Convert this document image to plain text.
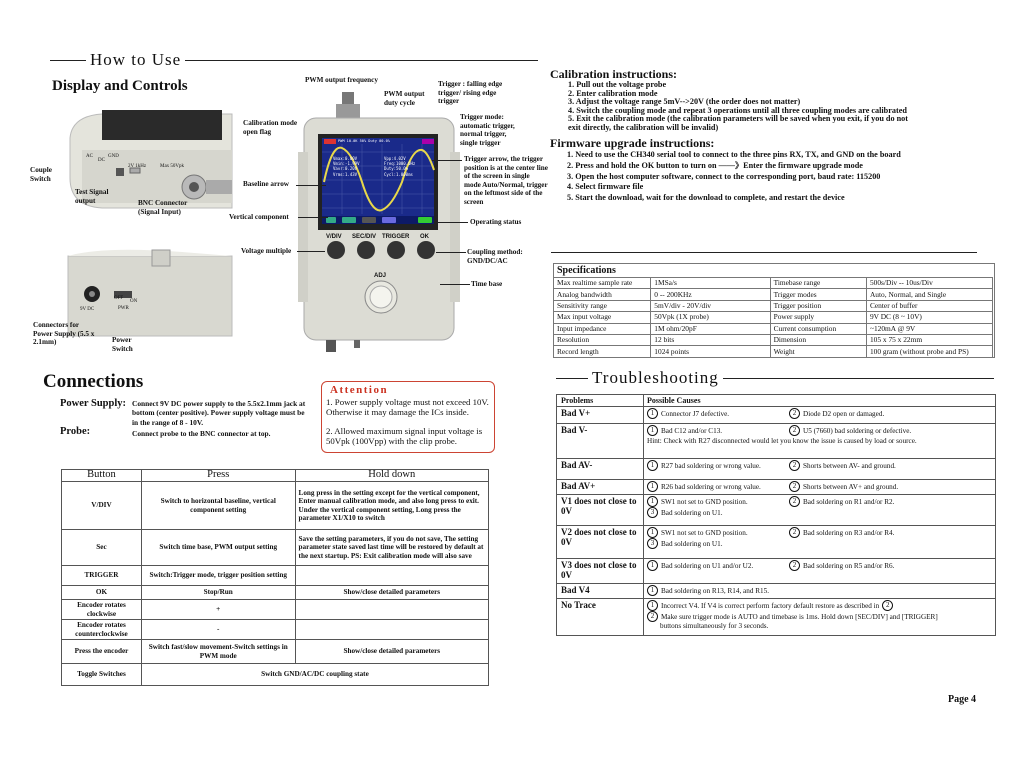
How to Use
Display and Controls
AC
DC
GND
2V 1kHz	Max 50Vpk
Couple Switch
Test Signal output	BNC Connector (Signal Input)
9V DC
OFF
ON
PWR
Connectors for Power Supply (5.5 x 2.1mm)	Power Switch
PWM 10.0K 50% Duty 00.0%
Vmax:0.00V
Vmin:-1.99V
Vavr:0.20V
Vrms:1.43V
Vpp:4.02V
Freq:1000.0Hz
Duty:50.0%
Cycl:1.000ms
V/DIV SEC/DIV TRIGGER OK
ADJ
PWM output frequency
PWM output duty cycle
Trigger : falling edge trigger/ rising edge trigger
Trigger mode: automatic trigger, normal trigger, single trigger
Calibration mode open flag
Trigger arrow, the trigger position is at the center line of the screen in single mode Auto/Normal, trigger on the leftmost side of the screen
Baseline arrow
Vertical component
Operating status
Voltage multiple	Coupling method: GND/DC/AC
Time base
Calibration instructions:
1. Pull out the voltage probe
2. Enter calibration mode
3. Adjust the voltage range 5mV-->20V (the order does not matter)
4. Switch the coupling mode and repeat 3 operations until all three coupling modes are calibrated
5. Exit the calibration mode (the calibration parameters will be saved when you exit, if you do not
exit directly, the calibration will be invalid)
Firmware upgrade instructions:
1. Need to use the CH340 serial tool to connect to the three pins RX, TX, and GND on the board
2. Press and hold the OK button to turn on ——》Enter the firmware upgrade mode
3. Open the host computer software, connect to the corresponding port, baud rate: 115200
4. Select firmware file
5. Start the download, wait for the download to complete, and restart the device
Specifications
Max realtime sample rate	1MSa/s	Timebase range	500s/Div -- 10us/Div
Analog bandwidth	0 -- 200KHz	Trigger modes	Auto, Normal, and Single
Sensitivity range	5mV/div - 20V/div	Trigger position	Center of buffer
Max input voltage	50Vpk (1X probe)	Power supply	9V DC (8 ~ 10V)
Input impedance	1M ohm/20pF	Current consumption	~120mA @ 9V
Resolution	12 bits	Dimension	105 x 75 x 22mm
Record length	1024 points	Weight	100 gram (without probe and PS)
Connections
Power Supply: Connect 9V DC power supply to the 5.5x2.1mm jack at bottom (center positive). Power supply voltage must be in the range of 8 - 10V.
Probe:	Connect probe to the BNC connector at top.
Attention
1. Power supply voltage must not exceed 10V. Otherwise it may damage the ICs inside.
2. Allowed maximum signal input voltage is 50Vpk (100Vpp) with the clip probe.
Button	Press	Hold down
V/DIV	Switch to horizontal baseline, vertical component setting	Long press in the setting except for the vertical component, Enter manual calibration mode, and also long press to exit. Under the vertical component setting, Long press the parameter X1/X10 to switch
Sec	Switch time base, PWM output setting	Save the setting parameters, if you do not save, The setting parameter state saved last time will be restored by default at the next startup. PS: Exit calibration mode will also save
TRIGGER	Switch:Trigger mode, trigger position setting	
OK	Stop/Run	Show/close detailed parameters
Encoder rotates clockwise	+	
Encoder rotates counterclockwise	-	
Press the encoder	Switch fast/slow movement-Switch settings in PWM mode	Show/close detailed parameters
Toggle Switches	Switch GND/AC/DC coupling state	
Troubleshooting
Problems	Possible Causes
Bad V+	1 Connector J7 defective.	2 Diode D2 open or damaged.
Bad V-	1 Bad C12 and/or C13.	2 U5 (7660) bad soldering or defective.
Hint: Check with R27 disconnected would let you know the issue is caused by load or source.
Bad AV-	1 R27 bad soldering or wrong value.	2 Shorts between AV- and ground.
Bad AV+	1 R26 bad soldering or wrong value.	2 Shorts between AV+ and ground.
V1 does not close to 0V
1 SW1 not set to GND position.	2 Bad soldering on R1 and/or R2.
3 Bad soldering on U1.
V2 does not close to 0V
1 SW1 not set to GND position.	2 Bad soldering on R3 and/or R4.
3 Bad soldering on U1.
V3 does not close to 0V
1 Bad soldering on U1 and/or U2.	2 Bad soldering on R5 and/or R6.
Bad V4	1 Bad soldering on R13, R14, and R15.
No Trace	1 Incorrect V4. If V4 is correct perform factory default restore as described in 2
2 Make sure trigger mode is AUTO and timebase is 1ms. Hold down [SEC/DIV] and [TRIGGER]
buttons simultaneously for 3 seconds.
Page 4
